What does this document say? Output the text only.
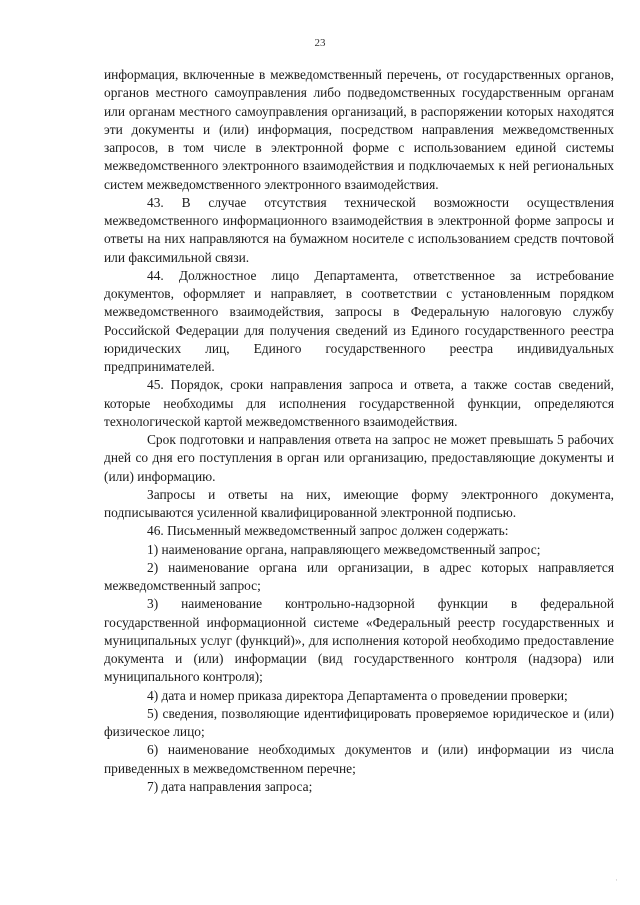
23

информация, включенные в межведомственный перечень, от государственных органов, органов местного самоуправления либо подведомственных государственным органам или органам местного самоуправления организаций, в распоряжении которых находятся эти документы и (или) информация, посредством направления межведомственных запросов, в том числе в электронной форме с использованием единой системы межведомственного электронного взаимодействия и подключаемых к ней региональных систем межведомственного электронного взаимодействия.

43. В случае отсутствия технической возможности осуществления межведомственного информационного взаимодействия в электронной форме запросы и ответы на них направляются на бумажном носителе с использованием средств почтовой или факсимильной связи.

44. Должностное лицо Департамента, ответственное за истребование документов, оформляет и направляет, в соответствии с установленным порядком межведомственного взаимодействия, запросы в Федеральную налоговую службу Российской Федерации для получения сведений из Единого государственного реестра юридических лиц, Единого государственного реестра индивидуальных предпринимателей.

45. Порядок, сроки направления запроса и ответа, а также состав сведений, которые необходимы для исполнения государственной функции, определяются технологической картой межведомственного взаимодействия.

Срок подготовки и направления ответа на запрос не может превышать 5 рабочих дней со дня его поступления в орган или организацию, предоставляющие документы и (или) информацию.

Запросы и ответы на них, имеющие форму электронного документа, подписываются усиленной квалифицированной электронной подписью.

46. Письменный межведомственный запрос должен содержать:

1) наименование органа, направляющего межведомственный запрос;

2) наименование органа или организации, в адрес которых направляется межведомственный запрос;

3) наименование контрольно-надзорной функции в федеральной государственной информационной системе «Федеральный реестр государственных и муниципальных услуг (функций)», для исполнения которой необходимо предоставление документа и (или) информации (вид государственного контроля (надзора) или муниципального контроля);

4) дата и номер приказа директора Департамента о проведении проверки;

5) сведения, позволяющие идентифицировать проверяемое юридическое и (или) физическое лицо;

6) наименование необходимых документов и (или) информации из числа приведенных в межведомственном перечне;

7) дата направления запроса;

·
